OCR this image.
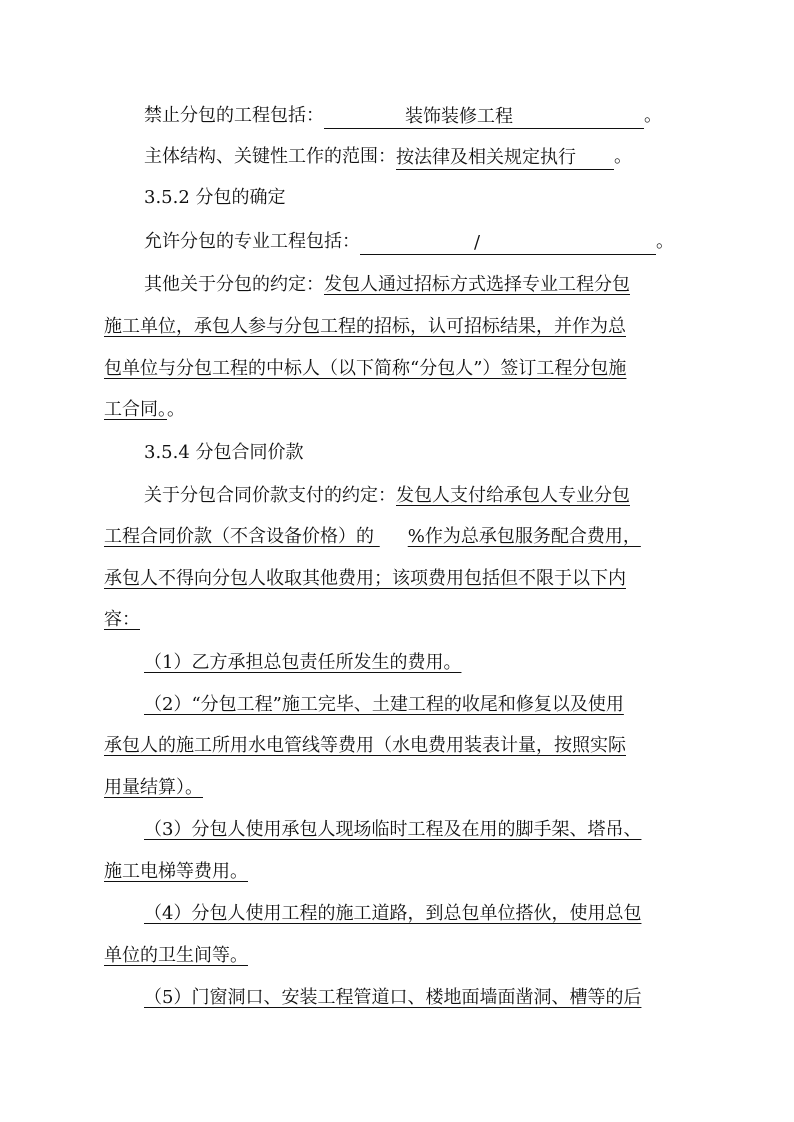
禁止分包的工程包括：	装饰装修工程	。
主体结构、关键性工作的范围： 按法律及相关规定执行 。
3.5.2 分包的确定
允许分包的专业工程包括：	/	。
其他关于分包的约定：发包人通过招标方式选择专业工程分包
施工单位，承包人参与分包工程的招标，认可招标结果，并作为总
包单位与分包工程的中标人（以下简称“分包人”）签订工程分包施
工合同。。
3.5.4 分包合同价款
关于分包合同价款支付的约定：发包人支付给承包人专业分包
工程合同价款（不含设备价格）的 %作为总承包服务配合费用，
承包人不得向分包人收取其他费用；该项费用包括但不限于以下内
容：
（1）乙方承担总包责任所发生的费用。
（2）“分包工程”施工完毕、土建工程的收尾和修复以及使用
承包人的施工所用水电管线等费用（水电费用装表计量，按照实际
用量结算）。
（3）分包人使用承包人现场临时工程及在用的脚手架、塔吊、
施工电梯等费用。
（4）分包人使用工程的施工道路，到总包单位搭伙，使用总包
单位的卫生间等。
（5）门窗洞口、安装工程管道口、楼地面墙面凿洞、槽等的后
